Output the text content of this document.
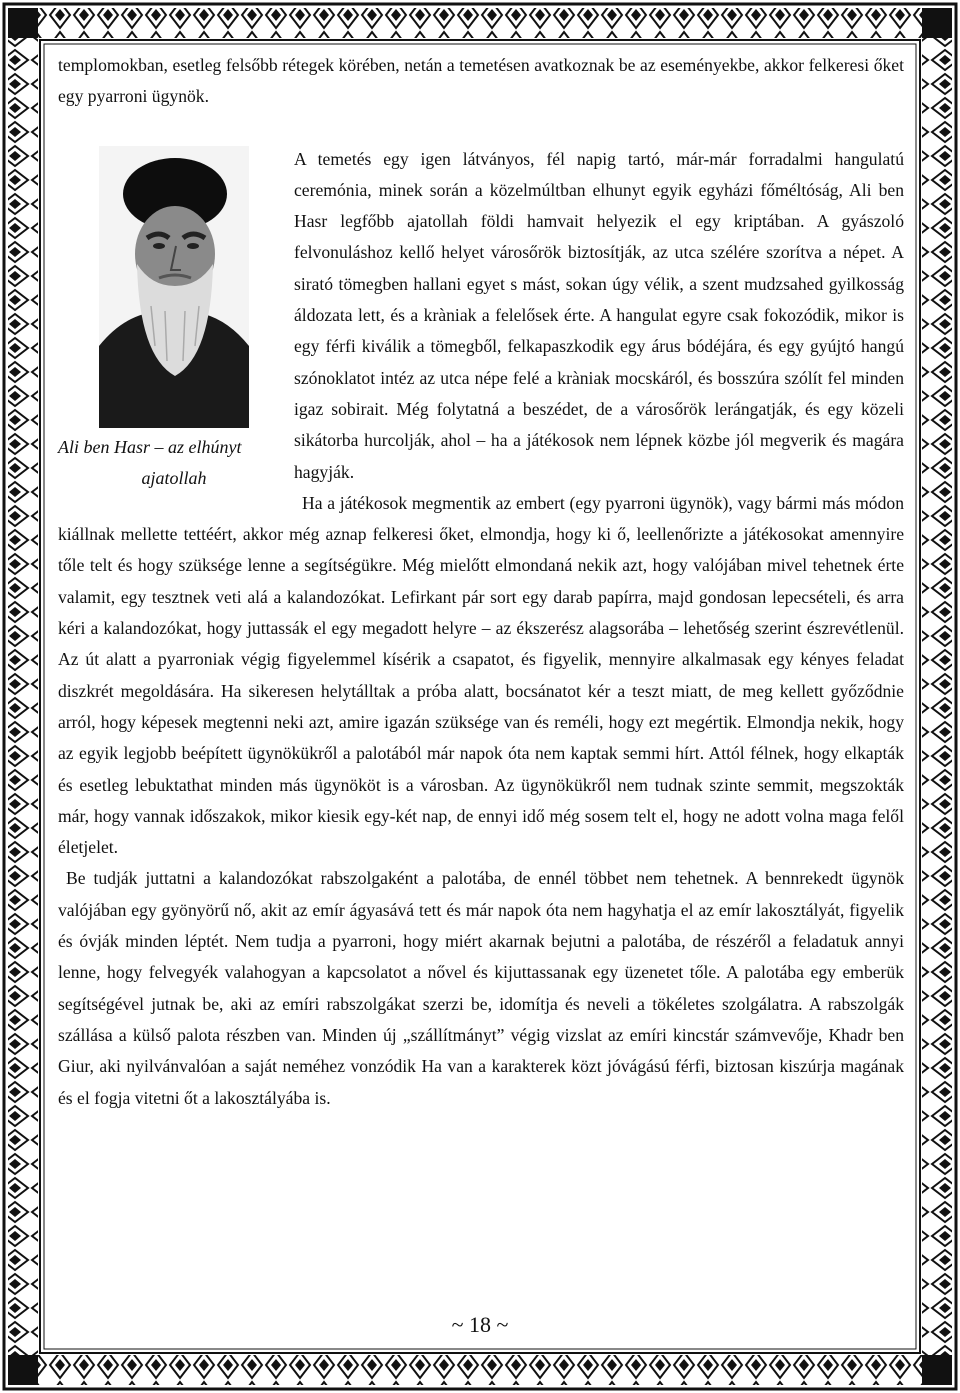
templomokban, esetleg felsőbb rétegek körében, netán a temetésen avatkoznak be az eseményekbe, akkor felkeresi őket egy pyarroni ügynök.

Ali ben Hasr – az elhúnyt
ajatollah

A temetés egy igen látványos, fél napig tartó, már-már forradalmi hangulatú ceremónia, minek során a közelmúltban elhunyt egyik egyházi főméltóság, Ali ben Hasr legfőbb ajatollah földi hamvait helyezik el egy kriptában. A gyászoló felvonuláshoz kellő helyet városőrök biztosítják, az utca szélére szorítva a népet. A sirató tömegben hallani egyet s mást, sokan úgy vélik, a szent mudzsahed gyilkosság áldozata lett, és a kràniak a felelősek érte. A hangulat egyre csak fokozódik, mikor is egy férfi kiválik a tömegből, felkapaszkodik egy árus bódéjára, és egy gyújtó hangú szónoklatot intéz az utca népe felé a kràniak mocskáról, és bosszúra szólít fel minden igaz sobirait. Még folytatná a beszédet, de a városőrök lerángatják, és egy közeli sikátorba hurcolják, ahol – ha a játékosok nem lépnek közbe jól megverik és magára hagyják.

Ha a játékosok megmentik az embert (egy pyarroni ügynök), vagy bármi más módon kiállnak mellette tettéért, akkor még aznap felkeresi őket, elmondja, hogy ki ő, leellenőrizte a játékosokat amennyire tőle telt és hogy szüksége lenne a segítségükre. Még mielőtt elmondaná nekik azt, hogy valójában mivel tehetnek érte valamit, egy tesztnek veti alá a kalandozókat. Lefirkant pár sort egy darab papírra, majd gondosan lepecsételi, és arra kéri a kalandozókat, hogy juttassák el egy megadott helyre – az ékszerész alagsorába – lehetőség szerint észrevétlenül. Az út alatt a pyarroniak végig figyelemmel kísérik a csapatot, és figyelik, mennyire alkalmasak egy kényes feladat diszkrét megoldására. Ha sikeresen helytálltak a próba alatt, bocsánatot kér a teszt miatt, de meg kellett győződnie arról, hogy képesek megtenni neki azt, amire igazán szüksége van és reméli, hogy ezt megértik. Elmondja nekik, hogy az egyik legjobb beépített ügynökükről a palotából már napok óta nem kaptak semmi hírt. Attól félnek, hogy elkapták és esetleg lebuktathat minden más ügynököt is a városban. Az ügynökükről nem tudnak szinte semmit, megszokták már, hogy vannak időszakok, mikor kiesik egy-két nap, de ennyi idő még sosem telt el, hogy ne adott volna maga felől életjelet.

Be tudják juttatni a kalandozókat rabszolgaként a palotába, de ennél többet nem tehetnek. A bennrekedt ügynök valójában egy gyönyörű nő, akit az emír ágyasává tett és már napok óta nem hagyhatja el az emír lakosztályát, figyelik és óvják minden léptét. Nem tudja a pyarroni, hogy miért akarnak bejutni a palotába, de részéről a feladatuk annyi lenne, hogy felvegyék valahogyan a kapcsolatot a nővel és kijuttassanak egy üzenetet tőle. A palotába egy emberük segítségével jutnak be, aki az emíri rabszolgákat szerzi be, idomítja és neveli a tökéletes szolgálatra. A rabszolgák szállása a külső palota részben van. Minden új „szállítmányt” végig vizslat az emíri kincstár számvevője, Khadr ben Giur, aki nyilvánvalóan a saját neméhez vonzódik Ha van a karakterek közt jóvágású férfi, biztosan kiszúrja magának és el fogja vitetni őt a lakosztályába is.

~ 18 ~
